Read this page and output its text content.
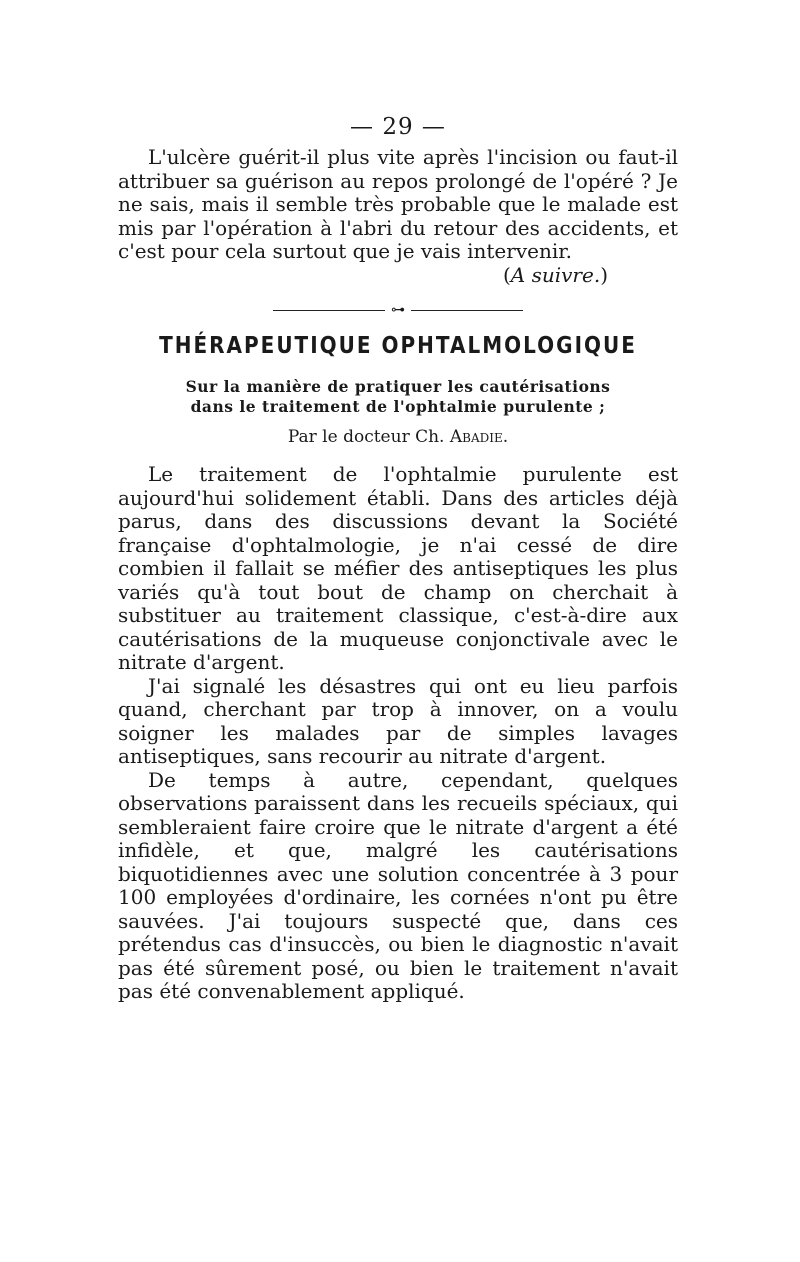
— 29 —

L'ulcère guérit-il plus vite après l'incision ou faut-il attribuer sa guérison au repos prolongé de l'opéré ? Je ne sais, mais il semble très probable que le malade est mis par l'opération à l'abri du retour des accidents, et c'est pour cela surtout que je vais intervenir.

( A suivre. )
⊶
THÉRAPEUTIQUE OPHTALMOLOGIQUE
Sur la manière de pratiquer les cautérisations
dans le traitement de l'ophtalmie purulente ;
Par le docteur Ch. Abadie.

Le traitement de l'ophtalmie purulente est aujourd'hui solidement établi. Dans des articles déjà parus, dans des discussions devant la Société française d'ophtalmologie, je n'ai cessé de dire combien il fallait se méfier des antiseptiques les plus variés qu'à tout bout de champ on cherchait à substituer au traitement classique, c'est-à-dire aux cautérisations de la muqueuse conjonctivale avec le nitrate d'argent.

J'ai signalé les désastres qui ont eu lieu parfois quand, cherchant par trop à innover, on a voulu soigner les malades par de simples lavages antiseptiques, sans recourir au nitrate d'argent.

De temps à autre, cependant, quelques observations paraissent dans les recueils spéciaux, qui sembleraient faire croire que le nitrate d'argent a été infidèle, et que, malgré les cautérisations biquotidiennes avec une solution concentrée à 3 pour 100 employées d'ordinaire, les cornées n'ont pu être sauvées. J'ai toujours suspecté que, dans ces prétendus cas d'insuccès, ou bien le diagnostic n'avait pas été sûrement posé, ou bien le traitement n'avait pas été convenablement appliqué.
